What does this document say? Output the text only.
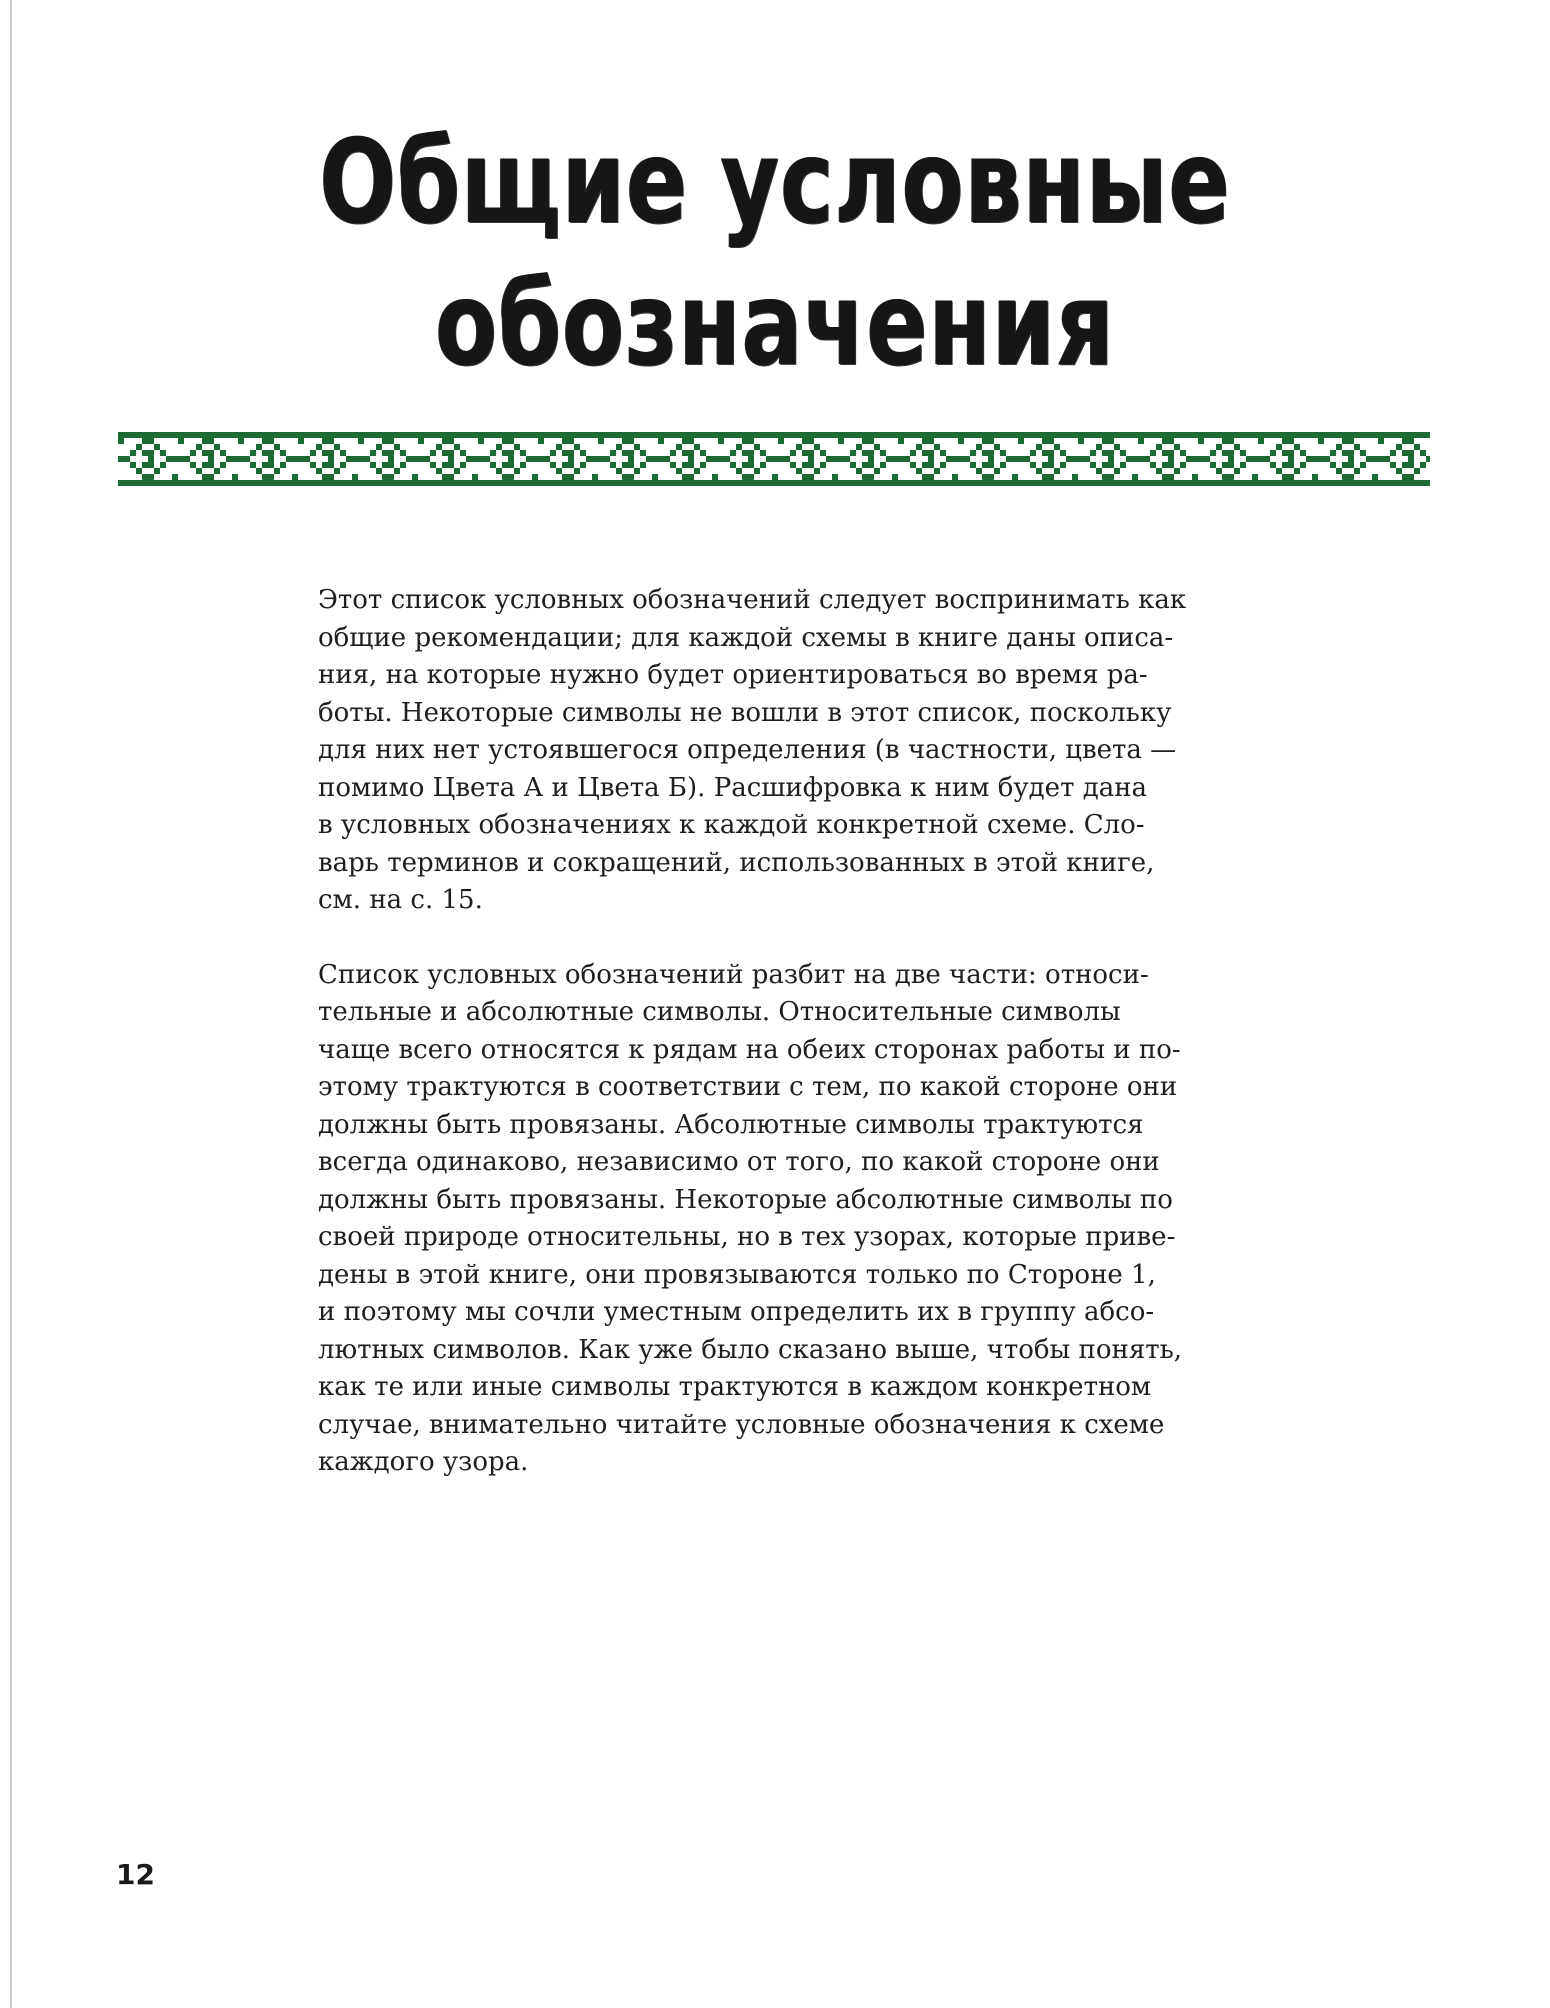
Общие условные
обозначения
Этот список условных обозначений следует воспринимать как
общие рекомендации; для каждой схемы в книге даны описа-
ния, на которые нужно будет ориентироваться во время ра-
боты. Некоторые символы не вошли в этот список, поскольку
для них нет устоявшегося определения (в частности, цвета —
помимо Цвета А и Цвета Б). Расшифровка к ним будет дана
в условных обозначениях к каждой конкретной схеме. Сло-
варь терминов и сокращений, использованных в этой книге,
см. на с. 15.
Список условных обозначений разбит на две части: относи-
тельные и абсолютные символы. Относительные символы
чаще всего относятся к рядам на обеих сторонах работы и по-
этому трактуются в соответствии с тем, по какой стороне они
должны быть провязаны. Абсолютные символы трактуются
всегда одинаково, независимо от того, по какой стороне они
должны быть провязаны. Некоторые абсолютные символы по
своей природе относительны, но в тех узорах, которые приве-
дены в этой книге, они провязываются только по Стороне 1,
и поэтому мы сочли уместным определить их в группу абсо-
лютных символов. Как уже было сказано выше, чтобы понять,
как те или иные символы трактуются в каждом конкретном
случае, внимательно читайте условные обозначения к схеме
каждого узора.
12
